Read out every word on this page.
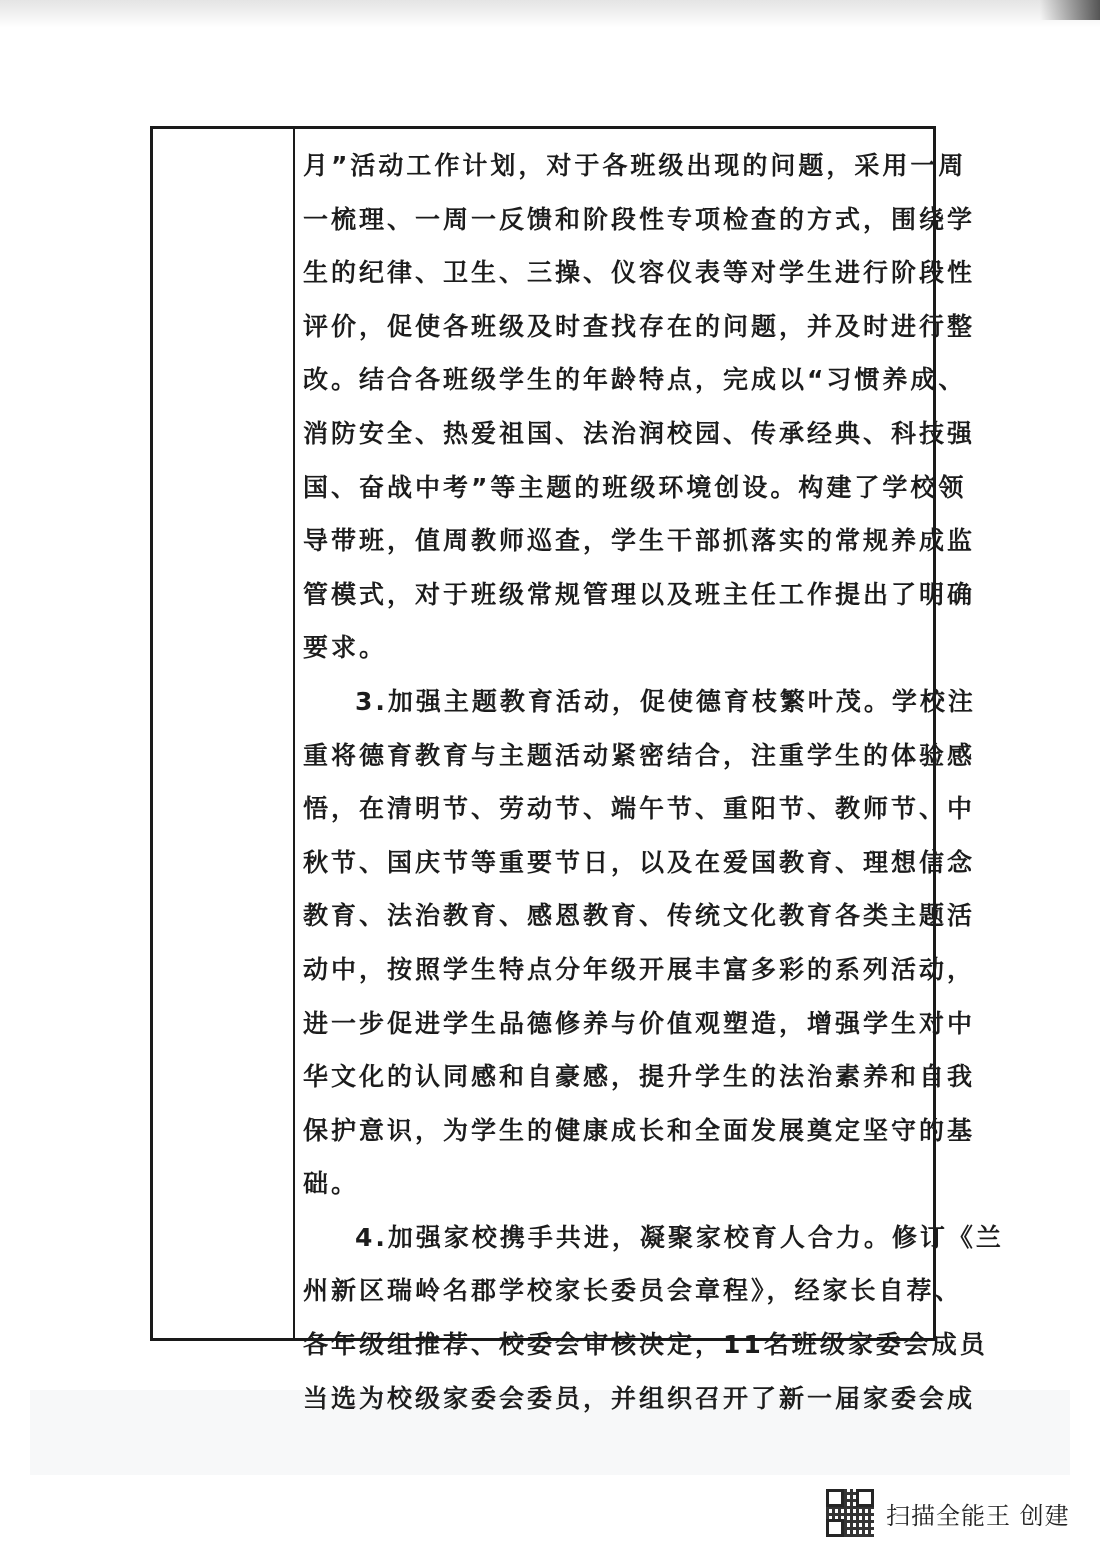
月”活动工作计划，对于各班级出现的问题，采用一周
一梳理、一周一反馈和阶段性专项检查的方式，围绕学
生的纪律、卫生、三操、仪容仪表等对学生进行阶段性
评价，促使各班级及时查找存在的问题，并及时进行整
改。结合各班级学生的年龄特点，完成以“习惯养成、
消防安全、热爱祖国、法治润校园、传承经典、科技强
国、奋战中考”等主题的班级环境创设。构建了学校领
导带班，值周教师巡查，学生干部抓落实的常规养成监
管模式，对于班级常规管理以及班主任工作提出了明确
要求。
3.加强主题教育活动，促使德育枝繁叶茂。学校注
重将德育教育与主题活动紧密结合，注重学生的体验感
悟，在清明节、劳动节、端午节、重阳节、教师节、中
秋节、国庆节等重要节日，以及在爱国教育、理想信念
教育、法治教育、感恩教育、传统文化教育各类主题活
动中，按照学生特点分年级开展丰富多彩的系列活动，
进一步促进学生品德修养与价值观塑造，增强学生对中
华文化的认同感和自豪感，提升学生的法治素养和自我
保护意识，为学生的健康成长和全面发展奠定坚守的基
础。
4.加强家校携手共进，凝聚家校育人合力。修订《兰
州新区瑞岭名郡学校家长委员会章程》，经家长自荐、
各年级组推荐、校委会审核决定，11名班级家委会成员
当选为校级家委会委员，并组织召开了新一届家委会成
扫描全能王 创建
